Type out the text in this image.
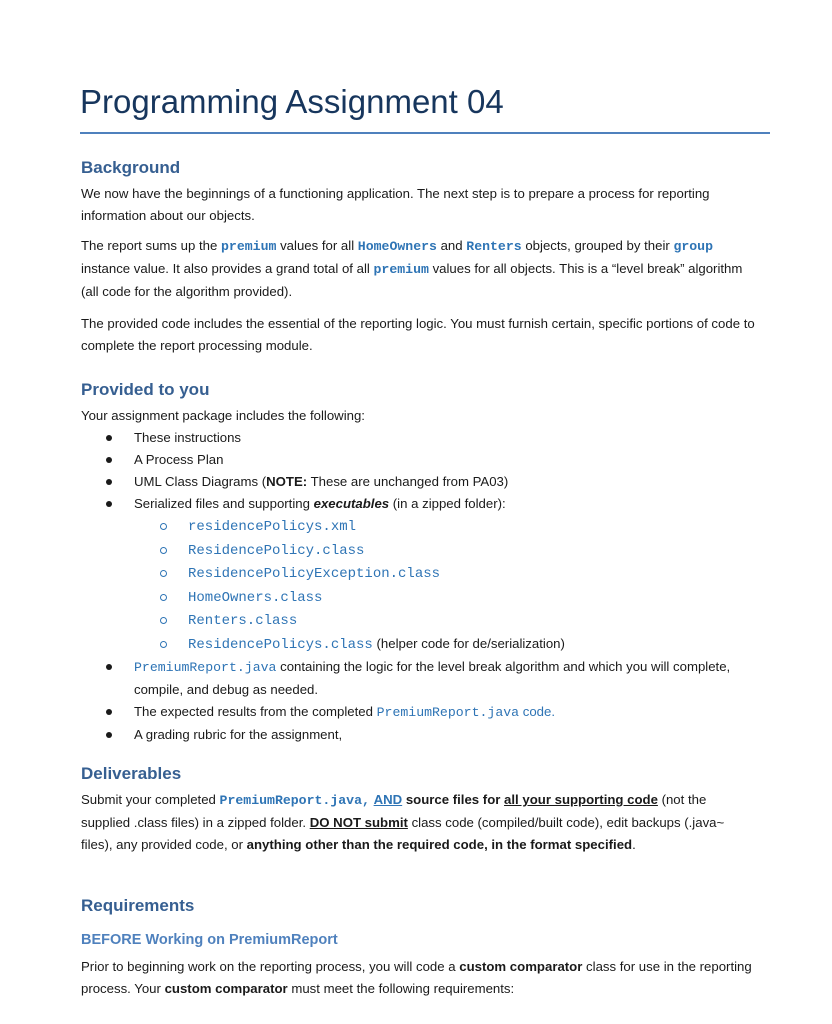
Programming Assignment 04
Background
We now have the beginnings of a functioning application. The next step is to prepare a process for reporting information about our objects.
The report sums up the premium values for all HomeOwners and Renters objects, grouped by their group instance value. It also provides a grand total of all premium values for all objects. This is a “level break” algorithm (all code for the algorithm provided).
The provided code includes the essential of the reporting logic. You must furnish certain, specific portions of code to complete the report processing module.
Provided to you
Your assignment package includes the following:
These instructions
A Process Plan
UML Class Diagrams (NOTE: These are unchanged from PA03)
Serialized files and supporting executables (in a zipped folder):
residencePolicys.xml
ResidencePolicy.class
ResidencePolicyException.class
HomeOwners.class
Renters.class
ResidencePolicys.class (helper code for de/serialization)
PremiumReport.java containing the logic for the level break algorithm and which you will complete, compile, and debug as needed.
The expected results from the completed PremiumReport.java code.
A grading rubric for the assignment,
Deliverables
Submit your completed PremiumReport.java, AND source files for all your supporting code (not the supplied .class files) in a zipped folder. DO NOT submit class code (compiled/built code), edit backups (.java~ files), any provided code, or anything other than the required code, in the format specified.
Requirements
BEFORE Working on PremiumReport
Prior to beginning work on the reporting process, you will code a custom comparator class for use in the reporting process. Your custom comparator must meet the following requirements:
